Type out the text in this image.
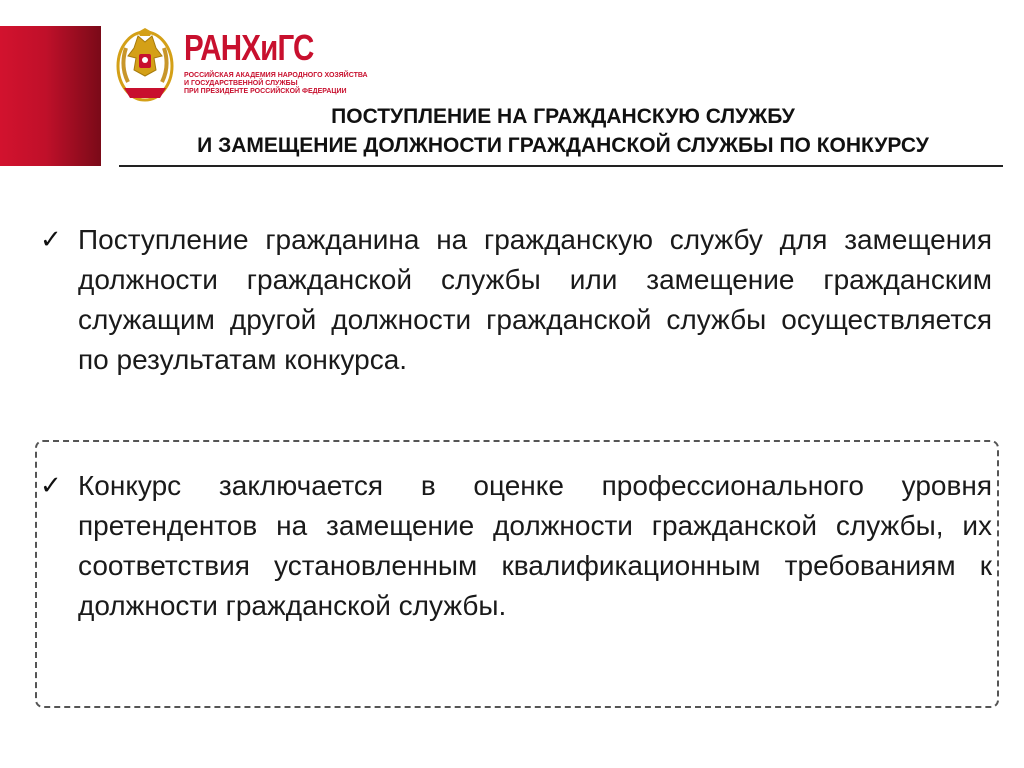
РАНХиГС
РОССИЙСКАЯ АКАДЕМИЯ НАРОДНОГО ХОЗЯЙСТВА
И ГОСУДАРСТВЕННОЙ СЛУЖБЫ
ПРИ ПРЕЗИДЕНТЕ РОССИЙСКОЙ ФЕДЕРАЦИИ
ПОСТУПЛЕНИЕ НА ГРАЖДАНСКУЮ СЛУЖБУ
И ЗАМЕЩЕНИЕ ДОЛЖНОСТИ ГРАЖДАНСКОЙ СЛУЖБЫ ПО КОНКУРСУ
✓ Поступление гражданина на гражданскую службу для замещения должности гражданской службы или замещение гражданским служащим другой должности гражданской службы осуществляется по результатам конкурса.
✓ Конкурс заключается в оценке профессионального уровня претендентов на замещение должности гражданской службы, их соответствия установленным квалификационным требованиям к должности гражданской службы.
